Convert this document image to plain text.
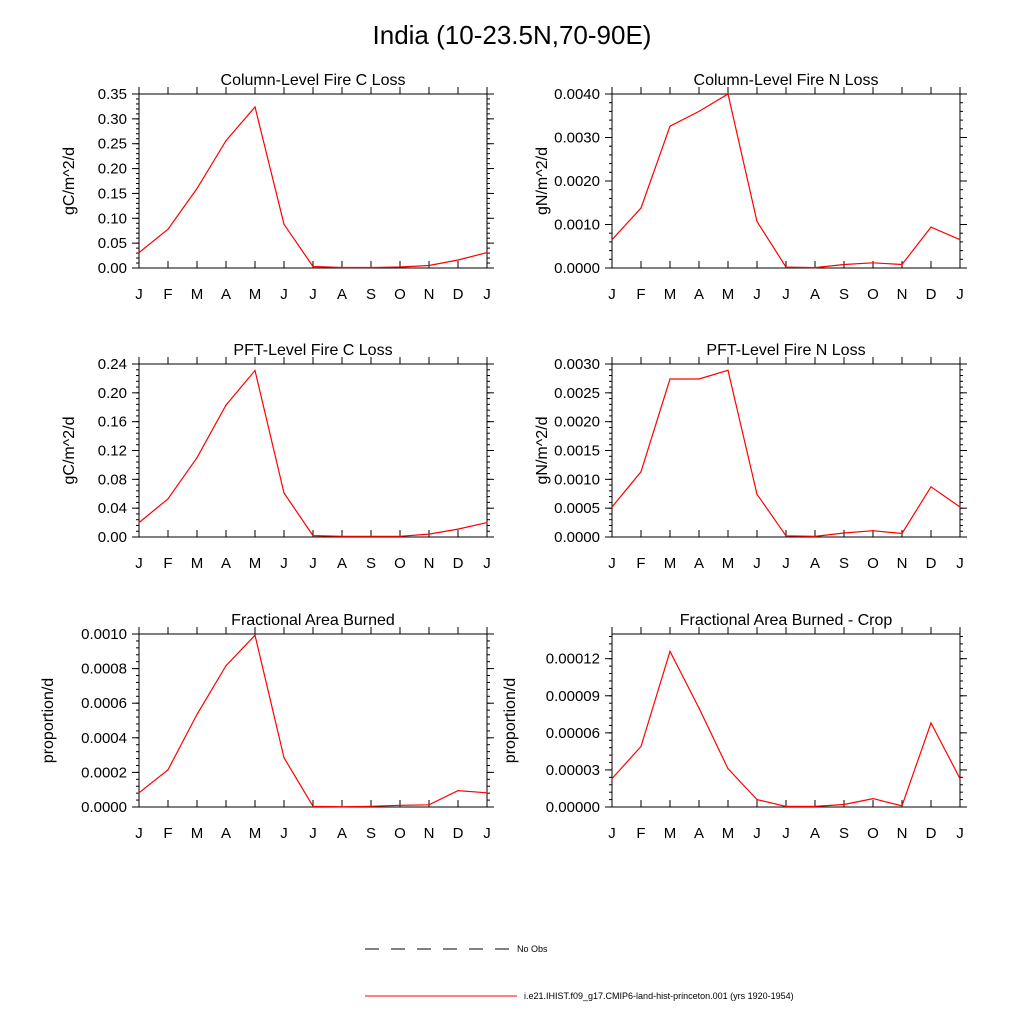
India (10-23.5N,70-90E)
J F M A M J J A S O N D J
0.00
0.05
0.10
0.15
0.20
0.25
0.30
0.35
Column-Level Fire C Loss
gC/m^2/d
J F M A M J J A S O N D J
0.0000
0.0010
0.0020
0.0030
0.0040
Column-Level Fire N Loss
gN/m^2/d
J F M A M J J A S O N D J
0.00
0.04
0.08
0.12
0.16
0.20
0.24
PFT-Level Fire C Loss
gC/m^2/d
J F M A M J J A S O N D J
0.0000
0.0005
0.0010
0.0015
0.0020
0.0025
0.0030
PFT-Level Fire N Loss
gN/m^2/d
J F M A M J J A S O N D J
0.0000
0.0002
0.0004
0.0006
0.0008
0.0010
Fractional Area Burned
proportion/d
J F M A M J J A S O N D J
0.00000
0.00003
0.00006
0.00009
0.00012
Fractional Area Burned - Crop
proportion/d
No Obs
i.e21.IHIST.f09_g17.CMIP6-land-hist-princeton.001 (yrs 1920-1954)
